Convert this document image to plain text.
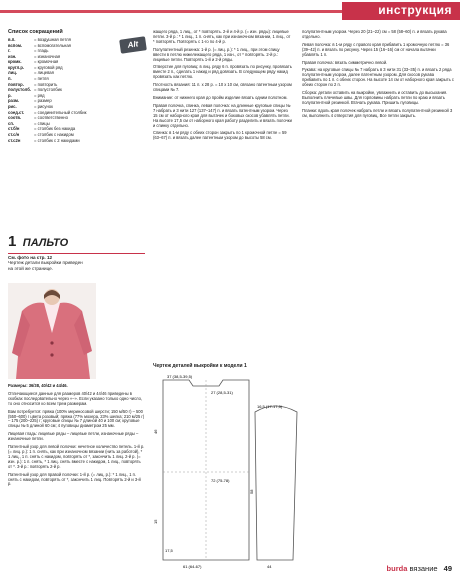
инструкция
Alt
Список сокращений
в.п.	= воздушная петля
вспом.	= вспомогательная
г.	= гладь
изн.	= изнаночная
кромк.	= кромочная
кругл.р.	= круговой ряд
лиц.	= лицевая
п.	= петля
повтор.	= повторить
полустолб. = полустолбик
р.	= ряд
разм.	= размер
рис.	= рисунок
соед.ст.	= соединительный столбик
соотв.	= соответственно
сп.	= спицы
ст.б/н	= столбик без накида
ст.с/н	= столбик с накидом
ст.с2н	= столбик с 2 накидами
1 ПАЛЬТО
См. фото на стр. 12
Чертеж детали выкройки приведен на этой же странице.

Размеры: 36/38, 40/42 и 44/46.

Отличающиеся данные для размеров 40/42 и 44/46 приведены в скобках последовательно через «–». Если указано только одно число, то оно относится ко всем трем размерам.

Вам потребуется: пряжа (100% мериносовой шерсти; 150 м/50 г) – 500 (550–600) г цвета розовый; пряжа (77% мохера, 23% шелка; 210 м/25 г) – 175 (200–225) г; круговые спицы № 7 длиной 40 и 100 см; круговые спицы № 5 длиной 60 см; 4 пуговицы диаметром 25 мм.

Лицевая гладь: лицевые ряды – лицевые петли, изнаночные ряды – изнаночные петли.

Патентный узор для левой полочки: нечетное количество петель. 1-й р. (= лиц. р.): 1 п. снять, как при изнаночном вязании (нить за работой), * 1 лиц., 1 п. снять с накидом, повторять от *, закончить 1 лиц. 2-й р. (= изн. р.): 1 п. снять, * 1 лиц. снять вместе с накидом, 1 лиц., повторять от *. 3-й р.: повторять 2-й р.

Патентный узор для правой полочки: 1-й р. (= лиц. р.): * 1 лиц., 1 п. снять с накидом, повторять от *, закончить 1 лиц. Повторять 2-й и 3-й р.

жащего ряда, 1 лиц., от * повторять. 2-й и 4-й р. (= изн. ряды): лицевые петли. 3-й р.: * 1 лиц., 1 п. снять, как при изнаночном вязании, 1 лиц., от * повторять. Повторять с 1-го по 4-й р.

Полупатентный резинка: 1-й р. (= лиц. р.): * 1 лиц., при этом спицу ввести в петлю нижележащего ряда, 1 изн., от * повторять. 2-й р.: лицевые петли. Повторять 1-й и 2-й ряды.

Отверстие для пуговиц: в лиц. ряду 6 п. провязать по рисунку, провязать вместе 2 п., сделать 1 накид и ряд довязать. В следующем ряду накид провязать как петлю.

Плотность вязания: 11 п. x 28 р. = 10 x 10 см, связано патентным узором спицами № 7.

Внимание: от нижнего края до пройм изделие вязать одним полотном.

Правая полочка, спинка, левая полочка: на длинные круговые спицы № 7 набрать и 3 нити 127 (137–147) п. и вязать патентным узором. Через 15 см от наборного края для вытачек и боковых скосов убавлять петли. На высоте 17,5 см от наборного края работу разделить и вязать полочки и спинку отдельно.

Спинка: в 1-м ряду с обеих сторон закрыть по 1 кромочной петле = 59 (63–67) п. и вязать далее патентным узором до высоты 58 см.

Чертеж деталей выкройки к модели 1
37 (38,5-39,5)
27 (28,5-31)
61 (64-67)
46
15
16,5 (17-17,5)
58
72 (75-78)
17,5
44

полупатентным узором. Через 20 (21–22) см = 58 (58–60) п. и вязать рукава отдельно.

Левая полочка: в 1-м ряду с правого края прибавить 1 кромочную петлю = 36 (39–42) п. и вязать по рисунку. Через 15 (16–16) см от начала вытачки убавлять 1 п.

Правая полочка: вязать симметрично левой.

Рукава: на круговые спицы № 7 набрать в 3 нити 31 (33–35) п. и вязать 2 ряда полупатентным узором, далее патентным узором. Для скосов рукава прибавить по 1 п. с обеих сторон. На высоте 14 см от наборного края закрыть с обеих сторон по 2 п.

Сборка: детали оставить на выкройке, увлажнить и оставить до высыхания. Выполнить плечевые швы. Для горловины набрать петли по краю и вязать полупатентной резинкой. Втачать рукава. Пришить пуговицы.

Планки: вдоль края полочек набрать петли и вязать полупатентной резинкой 3 см, выполнить 4 отверстия для пуговиц. Все петли закрыть.

burda вязание 49
